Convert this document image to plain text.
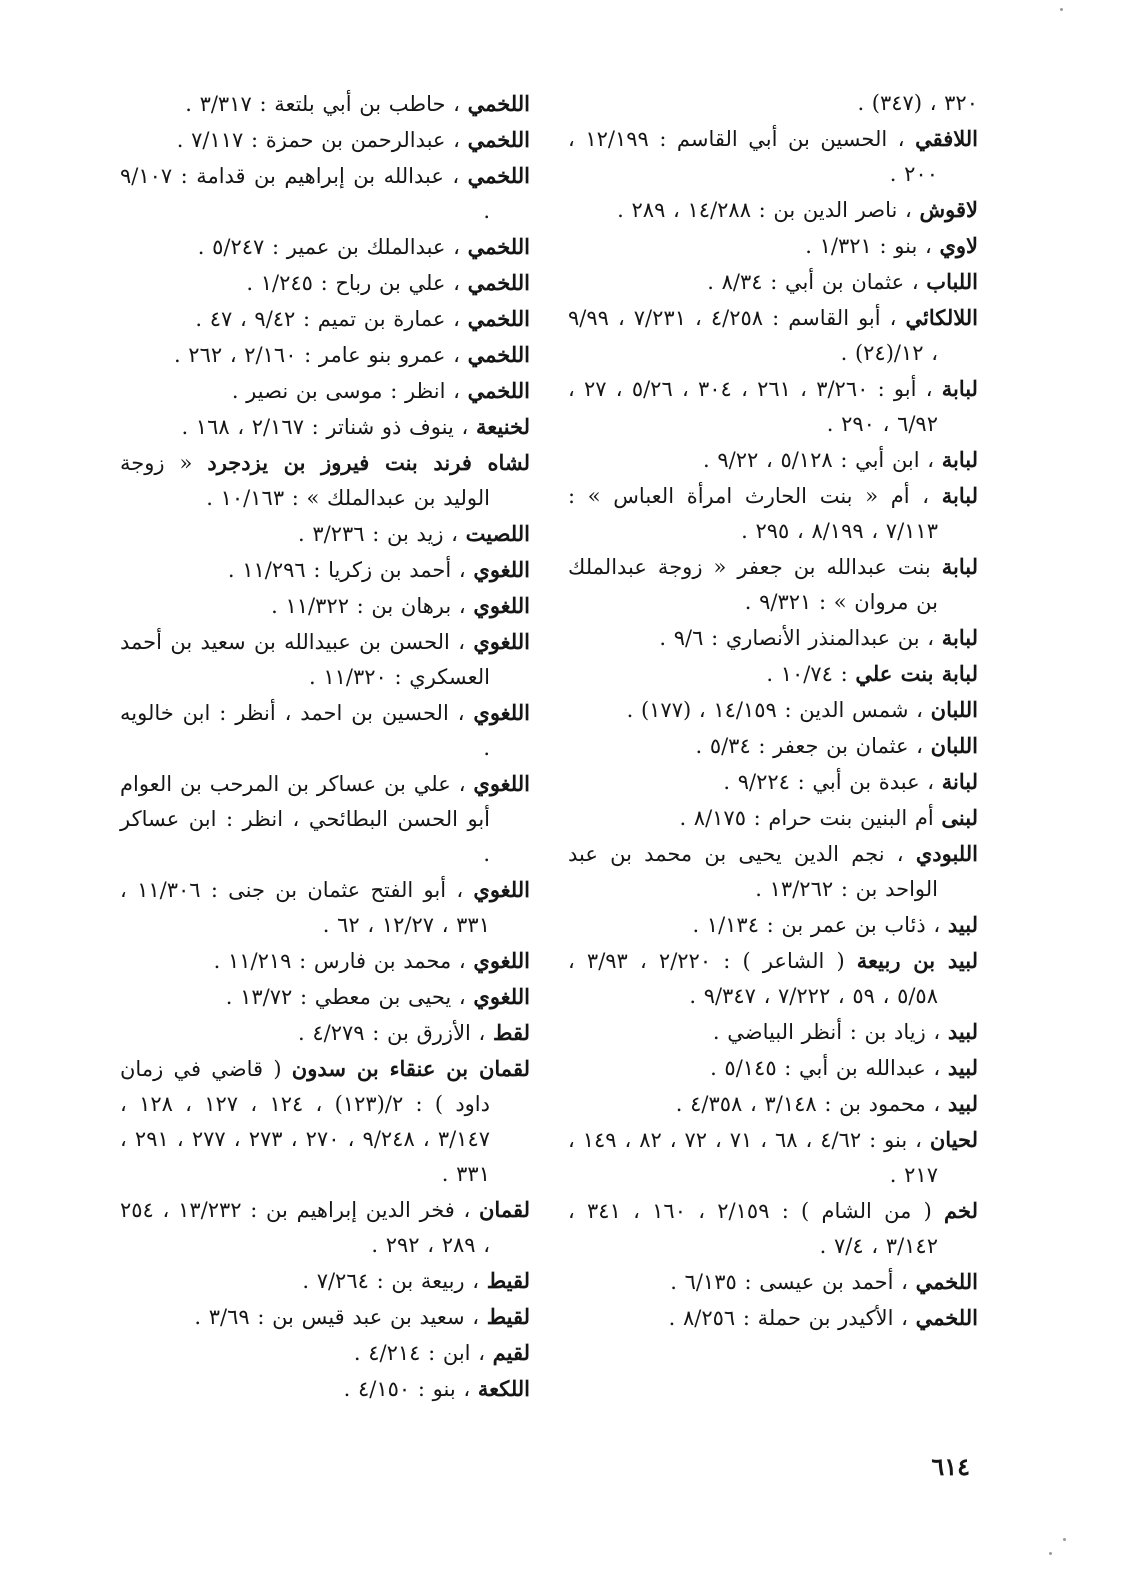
٣٢٠ ، (٣٤٧) .

اللافقي ، الحسين بن أبي القاسم : ١٢/١٩٩ ، ٢٠٠ .

لاقوش ، ناصر الدين بن : ١٤/٢٨٨ ، ٢٨٩ .

لاوي ، بنو : ١/٣٢١ .

اللباب ، عثمان بن أبي : ٨/٣٤ .

اللالكائي ، أبو القاسم : ٤/٢٥٨ ، ٧/٢٣١ ، ٩/٩٩ ، ١٢/(٢٤) .

لبابة ، أبو : ٣/٢٦٠ ، ٢٦١ ، ٣٠٤ ، ٥/٢٦ ، ٢٧ ، ٦/٩٢ ، ٢٩٠ .

لبابة ، ابن أبي : ٥/١٢٨ ، ٩/٢٢ .

لبابة ، أم « بنت الحارث امرأة العباس » : ٧/١١٣ ، ٨/١٩٩ ، ٢٩٥ .

لبابة بنت عبدالله بن جعفر « زوجة عبدالملك بن مروان » : ٩/٣٢١ .

لبابة ، بن عبدالمنذر الأنصاري : ٩/٦ .

لبابة بنت علي : ١٠/٧٤ .

اللبان ، شمس الدين : ١٤/١٥٩ ، (١٧٧) .

اللبان ، عثمان بن جعفر : ٥/٣٤ .

لبانة ، عبدة بن أبي : ٩/٢٢٤ .

لبنى أم البنين بنت حرام : ٨/١٧٥ .

اللبودي ، نجم الدين يحيى بن محمد بن عبد الواحد بن : ١٣/٢٦٢ .

لبيد ، ذئاب بن عمر بن : ١/١٣٤ .

لبيد بن ربيعة ( الشاعر ) : ٢/٢٢٠ ، ٣/٩٣ ، ٥/٥٨ ، ٥٩ ، ٧/٢٢٢ ، ٩/٣٤٧ .

لبيد ، زياد بن : أنظر البياضي .

لبيد ، عبدالله بن أبي : ٥/١٤٥ .

لبيد ، محمود بن : ٣/١٤٨ ، ٤/٣٥٨ .

لحيان ، بنو : ٤/٦٢ ، ٦٨ ، ٧١ ، ٧٢ ، ٨٢ ، ١٤٩ ، ٢١٧ .

لخم ( من الشام ) : ٢/١٥٩ ، ١٦٠ ، ٣٤١ ، ٣/١٤٢ ، ٧/٤ .

اللخمي ، أحمد بن عيسى : ٦/١٣٥ .

اللخمي ، الأكيدر بن حملة : ٨/٢٥٦ .

اللخمي ، حاطب بن أبي بلتعة : ٣/٣١٧ .

اللخمي ، عبدالرحمن بن حمزة : ٧/١١٧ .

اللخمي ، عبدالله بن إبراهيم بن قدامة : ٩/١٠٧ .

اللخمي ، عبدالملك بن عمير : ٥/٢٤٧ .

اللخمي ، علي بن رباح : ١/٢٤٥ .

اللخمي ، عمارة بن تميم : ٩/٤٢ ، ٤٧ .

اللخمي ، عمرو بنو عامر : ٢/١٦٠ ، ٢٦٢ .

اللخمي ، انظر : موسى بن نصير .

لخنيعة ، ينوف ذو شناتر : ٢/١٦٧ ، ١٦٨ .

لشاه فرند بنت فيروز بن يزدجرد « زوجة الوليد بن عبدالملك » : ١٠/١٦٣ .

اللصيت ، زيد بن : ٣/٢٣٦ .

اللغوي ، أحمد بن زكريا : ١١/٢٩٦ .

اللغوي ، برهان بن : ١١/٣٢٢ .

اللغوي ، الحسن بن عبيدالله بن سعيد بن أحمد العسكري : ١١/٣٢٠ .

اللغوي ، الحسين بن احمد ، أنظر : ابن خالويه .

اللغوي ، علي بن عساكر بن المرحب بن العوام أبو الحسن البطائحي ، انظر : ابن عساكر .

اللغوي ، أبو الفتح عثمان بن جنى : ١١/٣٠٦ ، ٣٣١ ، ١٢/٢٧ ، ٦٢ .

اللغوي ، محمد بن فارس : ١١/٢١٩ .

اللغوي ، يحيى بن معطي : ١٣/٧٢ .

لقط ، الأزرق بن : ٤/٢٧٩ .

لقمان بن عنقاء بن سدون ( قاضي في زمان داود ) : ٢/(١٢٣) ، ١٢٤ ، ١٢٧ ، ١٢٨ ، ٣/١٤٧ ، ٩/٢٤٨ ، ٢٧٠ ، ٢٧٣ ، ٢٧٧ ، ٢٩١ ، ٣٣١ .

لقمان ، فخر الدين إبراهيم بن : ١٣/٢٣٢ ، ٢٥٤ ، ٢٨٩ ، ٢٩٢ .

لقيط ، ربيعة بن : ٧/٢٦٤ .

لقيط ، سعيد بن عبد قيس بن : ٣/٦٩ .

لقيم ، ابن : ٤/٢١٤ .

اللكعة ، بنو : ٤/١٥٠ .

٦١٤
